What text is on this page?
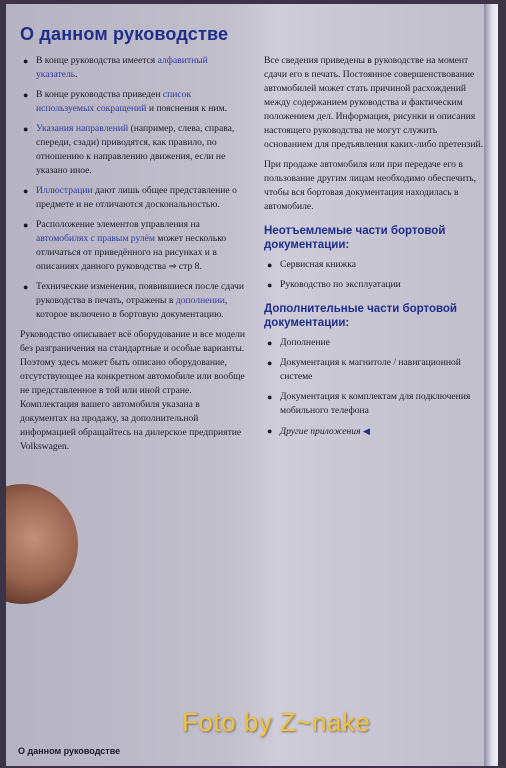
О данном руководстве
● В конце руководства имеется алфавитный указатель.
● В конце руководства приведен список используемых сокращений и пояснения к ним.
● Указания направлений (например, слева, справа, спереди, сзади) приводятся, как правило, по отношению к направлению движения, если не указано иное.
● Иллюстрации дают лишь общее представление о предмете и не отличаются доскональностью.
● Расположение элементов управления на автомобилях с правым рулём может несколько отличаться от приведённого на рисунках и в описаниях данного руководства ⇒ стр 8.
● Технические изменения, появившиеся после сдачи руководства в печать, отражены в дополнении, которое включено в бортовую документацию.

Руководство описывает всё оборудование и все модели без разграничения на стандартные и особые варианты. Поэтому здесь может быть описано оборудование, отсутствующее на конкретном автомобиле или вообще не представленное в той или иной стране. Комплектация вашего автомобиля указана в документах на продажу, за дополнительной информацией обращайтесь на дилерское предприятие Volkswagen.

Все сведения приведены в руководстве на момент сдачи его в печать. Постоянное совершенствование автомобилей может стать причиной расхождений между содержанием руководства и фактическим положением дел. Информация, рисунки и описания настоящего руководства не могут служить основанием для предъявления каких-либо претензий.

При продаже автомобиля или при передаче его в пользование другим лицам необходимо обеспечить, чтобы вся бортовая документация находилась в автомобиле.

Неотъемлемые части бортовой документации:
● Сервисная книжка
● Руководство по эксплуатации
Дополнительные части бортовой документации:
● Дополнение
● Документация к магнитоле / навигационной системе
● Документация к комплектам для подключения мобильного телефона
● Другие приложения ◀
О данном руководстве
Foto by Z~nake
